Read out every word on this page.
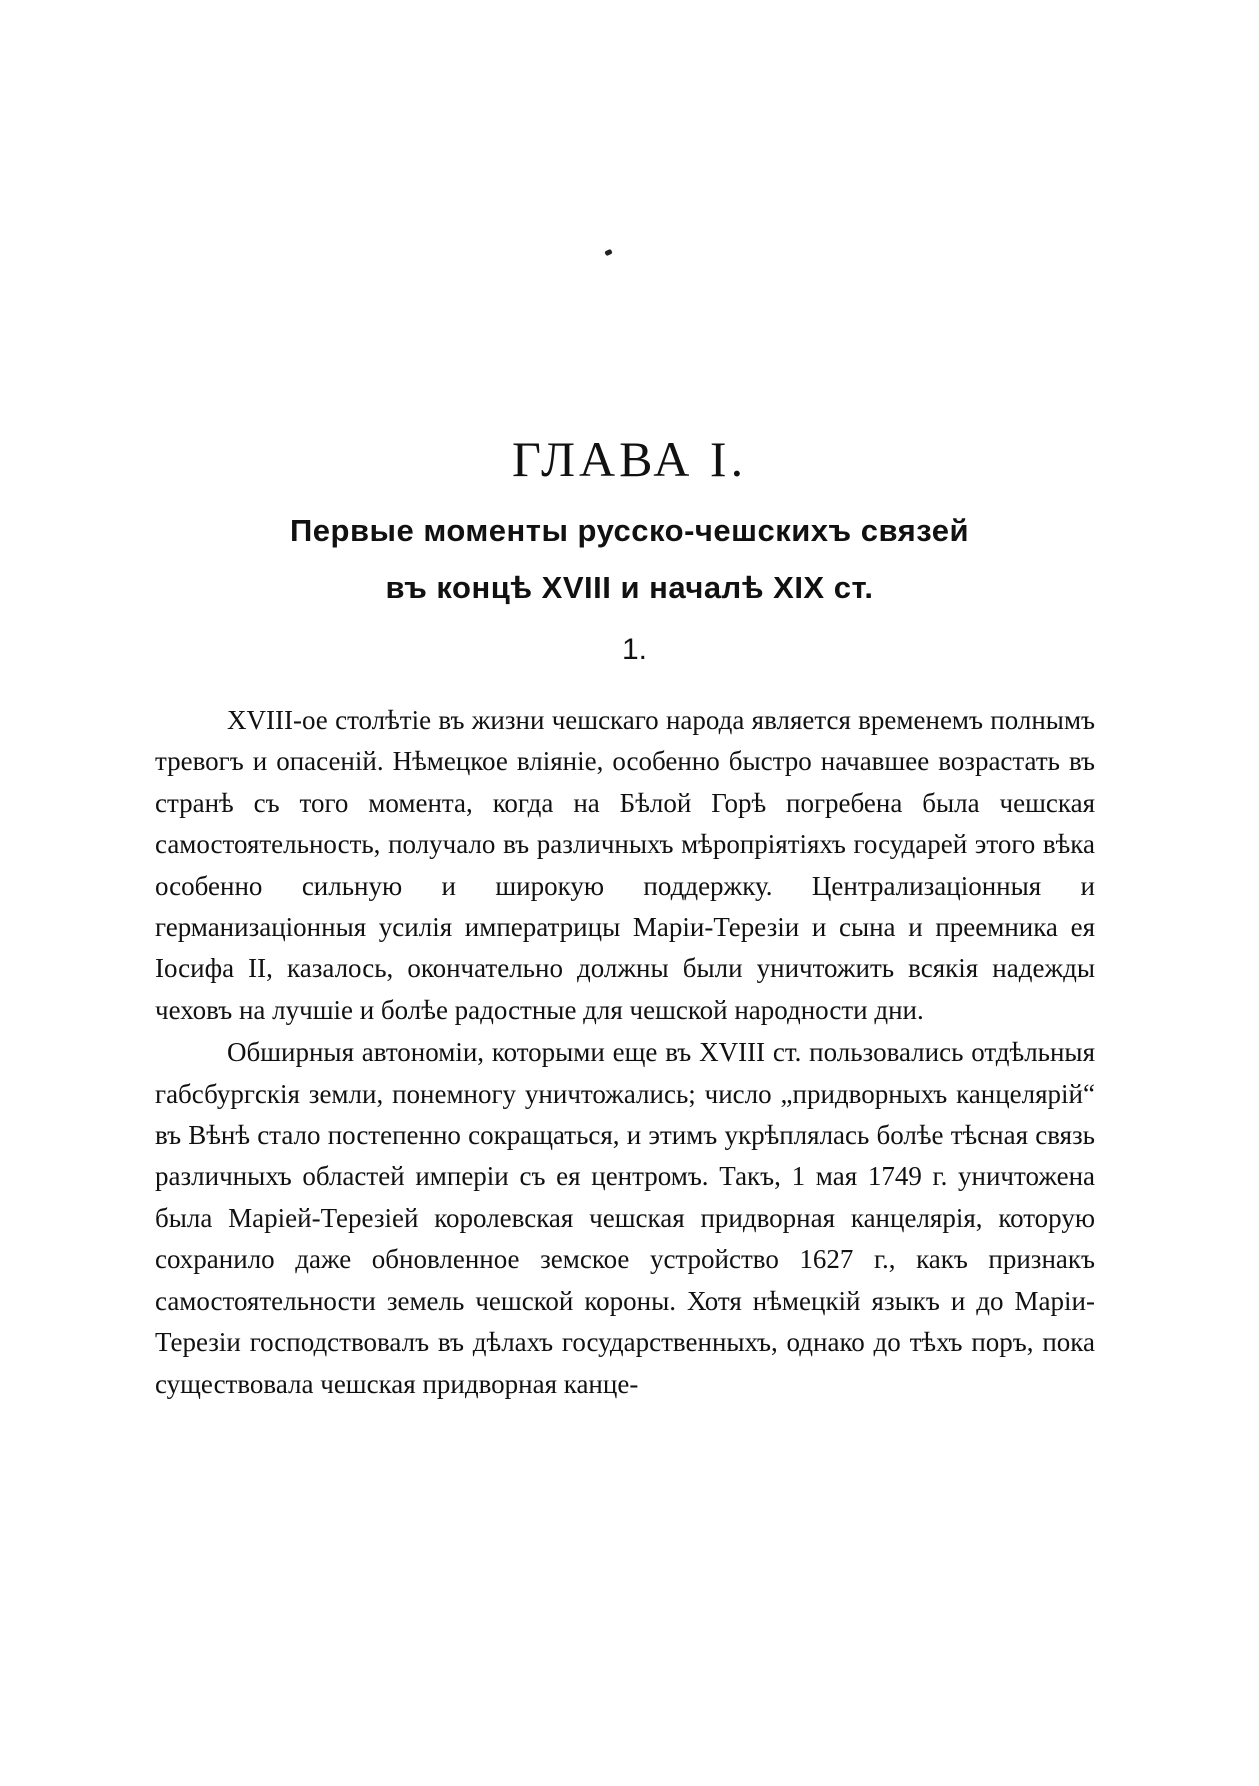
ГЛАВА I.
Первые моменты русско-чешскихъ связей
въ концѣ XVIII и началѣ XIX ст.
1.

XVIII-ое столѣтіе въ жизни чешскаго народа является временемъ полнымъ тревогъ и опасеній. Нѣмецкое вліяніе, особенно быстро начавшее возрастать въ странѣ съ того момента, когда на Бѣлой Горѣ погребена была чешская самостоятельность, получало въ различныхъ мѣропріятіяхъ государей этого вѣка особенно сильную и широкую поддержку. Централизаціонныя и германизаціонныя усилія императрицы Маріи-Терезіи и сына и преемника ея Іосифа II, казалось, окончательно должны были уничтожить всякія надежды чеховъ на лучшіе и болѣе радостные для чешской народности дни.

Обширныя автономіи, которыми еще въ XVIII ст. пользовались отдѣльныя габсбургскія земли, понемногу уничтожались; число „придворныхъ канцелярій“ въ Вѣнѣ стало постепенно сокращаться, и этимъ укрѣплялась болѣе тѣсная связь различныхъ областей имперіи съ ея центромъ. Такъ, 1 мая 1749 г. уничтожена была Маріей-Терезіей королевская чешская придворная канцелярія, которую сохранило даже обновленное земское устройство 1627 г., какъ признакъ самостоятельности земель чешской короны. Хотя нѣмецкій языкъ и до Маріи-Терезіи господствовалъ въ дѣлахъ государственныхъ, однако до тѣхъ поръ, пока существовала чешская придворная канце-
